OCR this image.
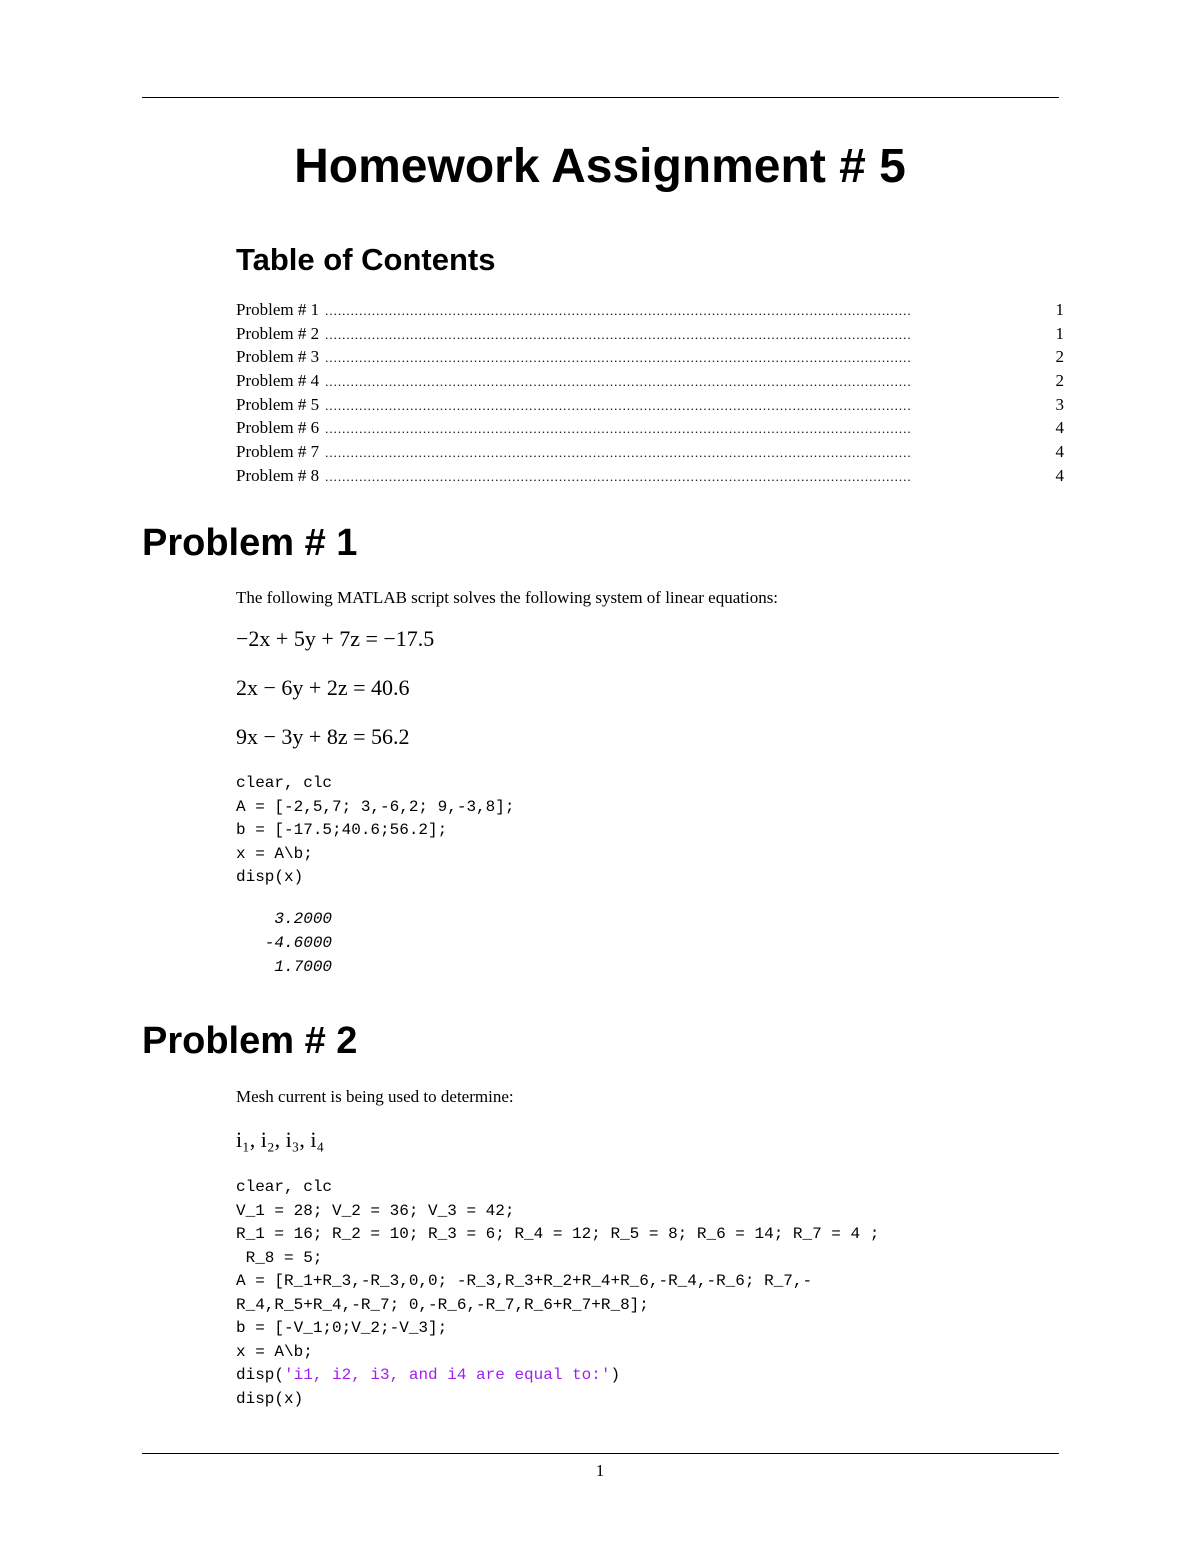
Homework Assignment # 5
Table of Contents
Problem # 1 ..........................................................................................................................................	1
Problem # 2 ..........................................................................................................................................	1
Problem # 3 ..........................................................................................................................................	2
Problem # 4 ..........................................................................................................................................	2
Problem # 5 ..........................................................................................................................................	3
Problem # 6 ..........................................................................................................................................	4
Problem # 7 ..........................................................................................................................................	4
Problem # 8 ..........................................................................................................................................	4
Problem # 1

The following MATLAB script solves the following system of linear equations:

−2x + 5y + 7z = −17.5
2x − 6y + 2z = 40.6
9x − 3y + 8z = 56.2
clear, clc
A = [-2,5,7; 3,-6,2; 9,-3,8];
b = [-17.5;40.6;56.2];
x = A\b;
disp(x)
3.2000
-4.6000
1.7000
Problem # 2

Mesh current is being used to determine:

i₁, i₂, i₃, i₄
clear, clc
V_1 = 28; V_2 = 36; V_3 = 42;
R_1 = 16; R_2 = 10; R_3 = 6; R_4 = 12; R_5 = 8; R_6 = 14; R_7 = 4 ;
R_8 = 5;
A = [R_1+R_3,-R_3,0,0; -R_3,R_3+R_2+R_4+R_6,-R_4,-R_6; R_7,-
R_4,R_5+R_4,-R_7; 0,-R_6,-R_7,R_6+R_7+R_8];
b = [-V_1;0;V_2;-V_3];
x = A\b;
disp('i1, i2, i3, and i4 are equal to:')
disp(x)
1
